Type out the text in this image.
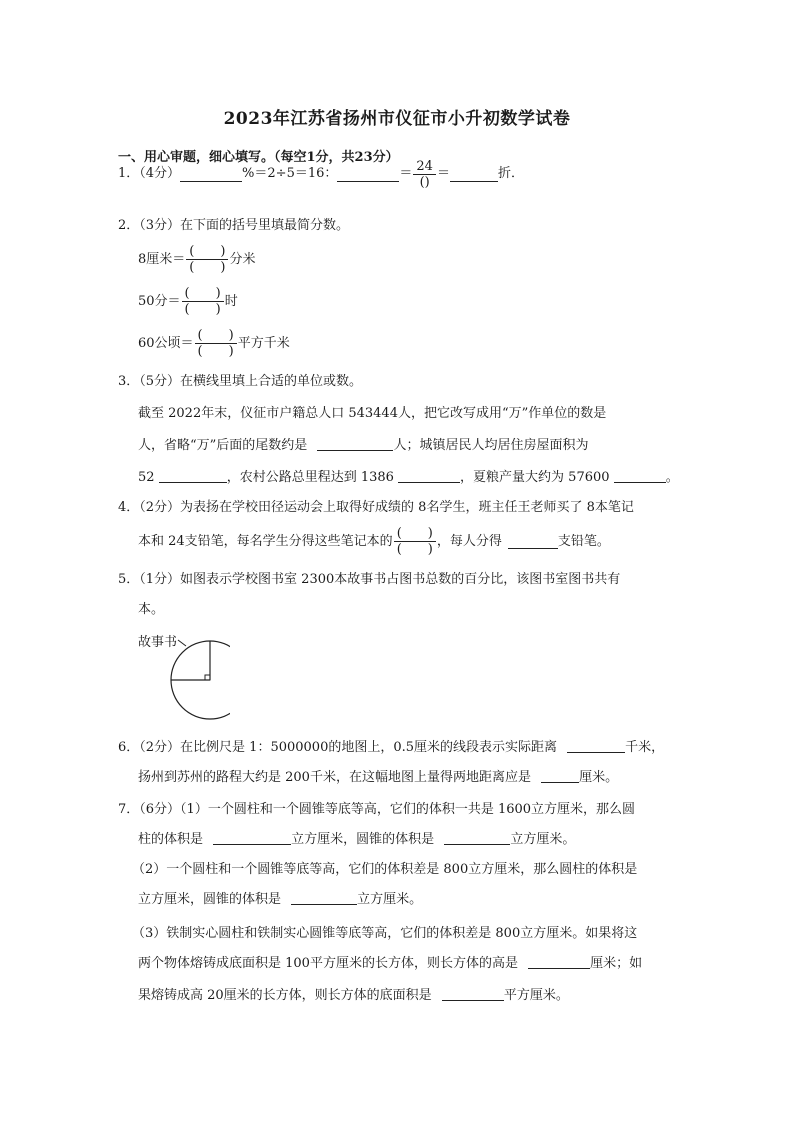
2023年江苏省扬州市仪征市小升初数学试卷
一、用心审题，细心填写。（每空1分，共23分）
1．（4分）	%＝2÷5＝16：	＝ $\frac{24}{()}$ ＝	折．
2．（3分）在下面的括号里填最简分数。
8厘米＝ $\frac{( )}{( )}$ 分米
50分＝ $\frac{( )}{( )}$ 时
60公顷＝ $\frac{( )}{( )}$ 平方千米
3．（5分）在横线里填上合适的单位或数。
截至 2022年末，仪征市户籍总人口 543444人，把它改写成用“万”作单位的数是
人，省略“万”后面的尾数约是	人；城镇居民人均居住房屋面积为
52	，农村公路总里程达到 1386	，夏粮产量大约为 57600	。
4．（2分）为表扬在学校田径运动会上取得好成绩的 8名学生，班主任王老师买了 8本笔记
本和 24支铅笔，每名学生分得这些笔记本的 $\frac{( )}{( )}$ ，每人分得	支铅笔。
5．（1分）如图表示学校图书室 2300本故事书占图书总数的百分比，该图书室图书共有
本。
故事书
6．（2分）在比例尺是 1：5000000的地图上，0.5厘米的线段表示实际距离	千米，
扬州到苏州的路程大约是 200千米，在这幅地图上量得两地距离应是	厘米。
7．（6分）（1）一个圆柱和一个圆锥等底等高，它们的体积一共是 1600立方厘米，那么圆
柱的体积是	立方厘米，圆锥的体积是	立方厘米。
（2）一个圆柱和一个圆锥等底等高，它们的体积差是 800立方厘米，那么圆柱的体积是
立方厘米，圆锥的体积是	立方厘米。
（3）铁制实心圆柱和铁制实心圆锥等底等高，它们的体积差是 800立方厘米。如果将这
两个物体熔铸成底面积是 100平方厘米的长方体，则长方体的高是	厘米；如
果熔铸成高 20厘米的长方体，则长方体的底面积是	平方厘米。
